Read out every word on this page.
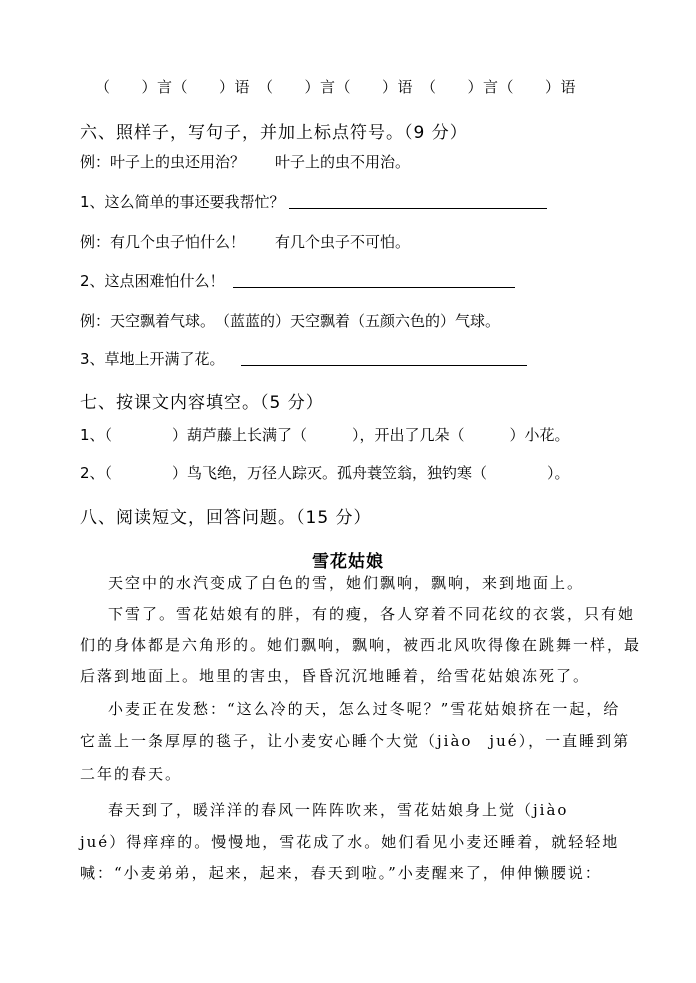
（　　）言（　　）语　（　　）言（　　）语　（　　）言（　　）语
六、照样子，写句子，并加上标点符号。（9 分）
例：叶子上的虫还用治？　　叶子上的虫不用治。
1、这么简单的事还要我帮忙？
例：有几个虫子怕什么！　　有几个虫子不可怕。
2、这点困难怕什么！
例：天空飘着气球。　（蓝蓝的）天空飘着（五颜六色的）气球。
3、草地上开满了花。
七、按课文内容填空。（5 分）
1、（　　　　）葫芦藤上长满了（　　　），开出了几朵（　　　）小花。
2、（　　　　）鸟飞绝，万径人踪灭。孤舟蓑笠翁，独钓寒（　　　　）。
八、阅读短文，回答问题。（15 分）
雪花姑娘
天空中的水汽变成了白色的雪，她们飘响，飘响，来到地面上。
下雪了。雪花姑娘有的胖，有的瘦，各人穿着不同花纹的衣裳，只有她
们的身体都是六角形的。她们飘响，飘响，被西北风吹得像在跳舞一样，最
后落到地面上。地里的害虫，昏昏沉沉地睡着，给雪花姑娘冻死了。
小麦正在发愁：“这么冷的天，怎么过冬呢？”雪花姑娘挤在一起，给
它盖上一条厚厚的毯子，让小麦安心睡个大觉（jiào　jué），一直睡到第
二年的春天。
春天到了，暖洋洋的春风一阵阵吹来，雪花姑娘身上觉（jiào
jué）得痒痒的。慢慢地，雪花成了水。她们看见小麦还睡着，就轻轻地
喊：“小麦弟弟，起来，起来，春天到啦。”小麦醒来了，伸伸懒腰说：
